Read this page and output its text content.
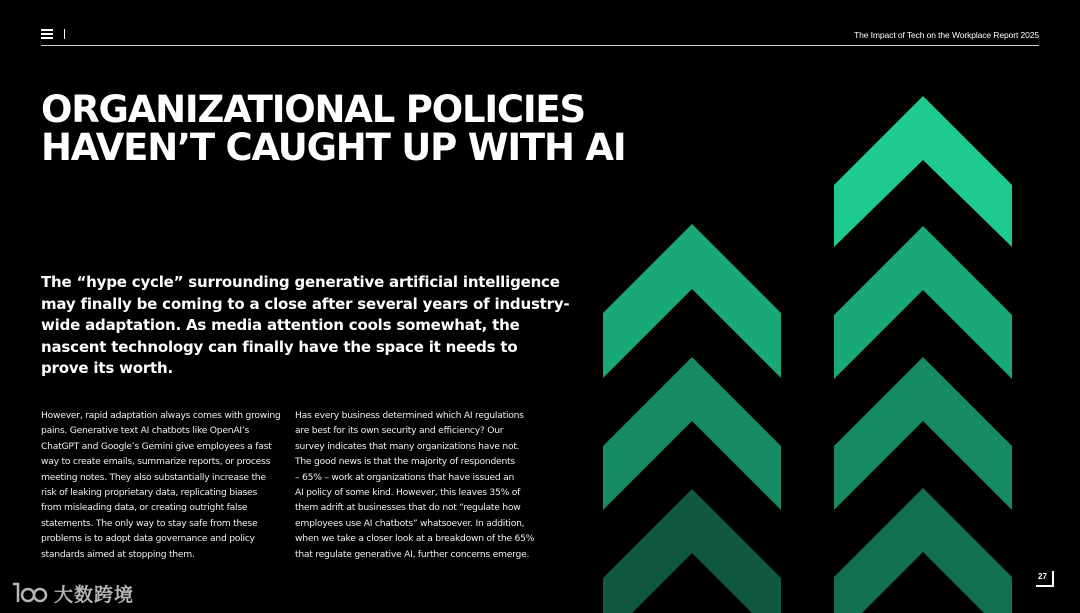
The Impact of Tech on the Workplace Report 2025
ORGANIZATIONAL POLICIES
HAVEN’T CAUGHT UP WITH AI
The “hype cycle” surrounding generative artificial intelligence
may finally be coming to a close after several years of industry-
wide adaptation. As media attention cools somewhat, the
nascent technology can finally have the space it needs to
prove its worth.
However, rapid adaptation always comes with growing
pains. Generative text AI chatbots like OpenAI’s
ChatGPT and Google’s Gemini give employees a fast
way to create emails, summarize reports, or process
meeting notes. They also substantially increase the
risk of leaking proprietary data, replicating biases
from misleading data, or creating outright false
statements. The only way to stay safe from these
problems is to adopt data governance and policy
standards aimed at stopping them.
Has every business determined which AI regulations
are best for its own security and efficiency? Our
survey indicates that many organizations have not.
The good news is that the majority of respondents
– 65% – work at organizations that have issued an
AI policy of some kind. However, this leaves 35% of
them adrift at businesses that do not “regulate how
employees use AI chatbots” whatsoever. In addition,
when we take a closer look at a breakdown of the 65%
that regulate generative AI, further concerns emerge.
27
大数跨境
